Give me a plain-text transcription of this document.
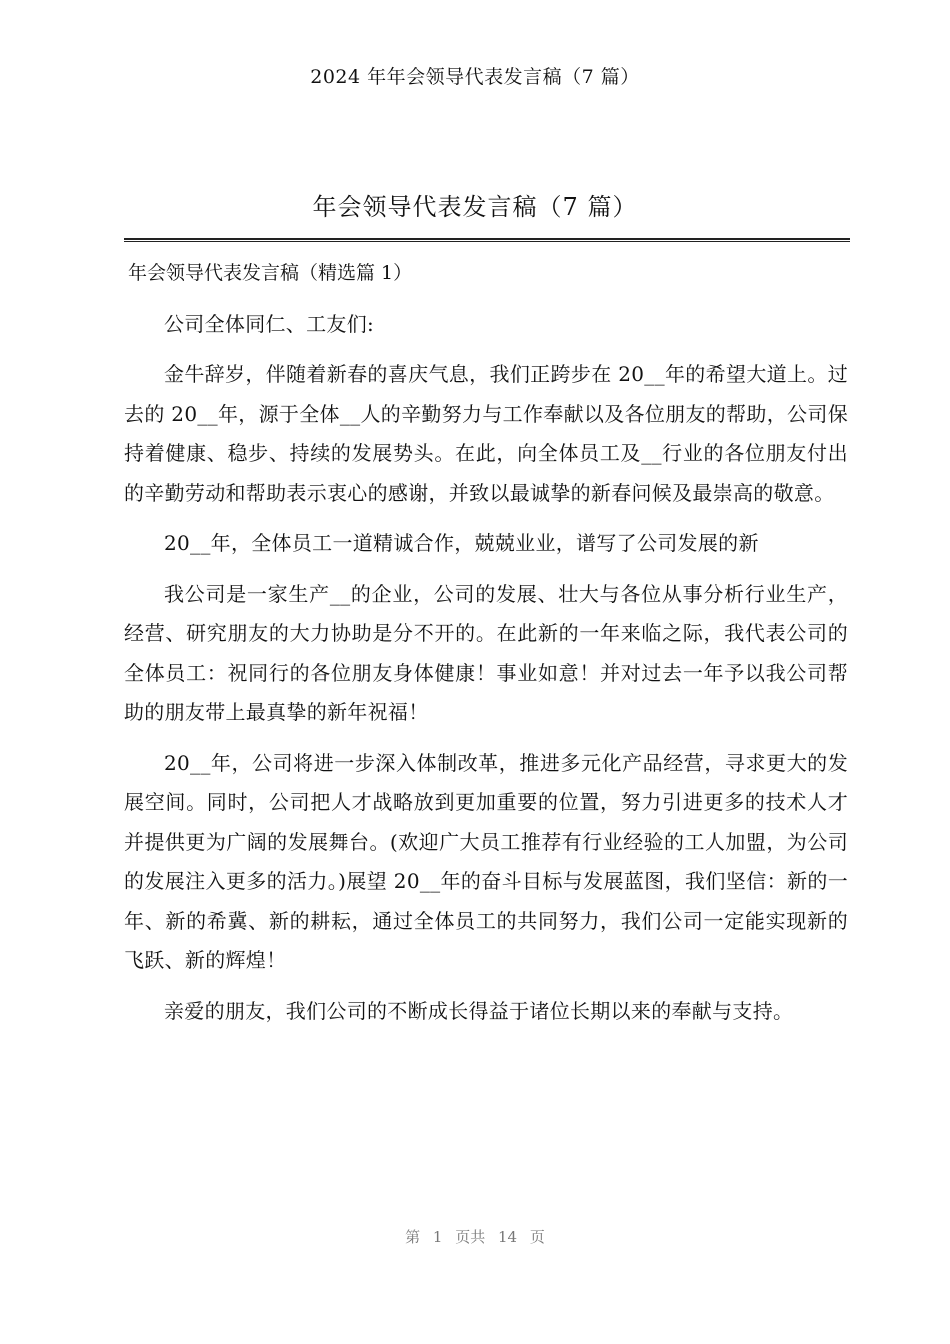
2024 年年会领导代表发言稿（7 篇）
年会领导代表发言稿（7 篇）
年会领导代表发言稿（精选篇 1）

公司全体同仁、工友们:

金牛辞岁，伴随着新春的喜庆气息，我们正跨步在 20__年的希望大道上。过去的 20__年，源于全体__人的辛勤努力与工作奉献以及各位朋友的帮助，公司保持着健康、稳步、持续的发展势头。在此，向全体员工及__行业的各位朋友付出的辛勤劳动和帮助表示衷心的感谢，并致以最诚挚的新春问候及最崇高的敬意。

20__年，全体员工一道精诚合作，兢兢业业，谱写了公司发展的新

我公司是一家生产__的企业，公司的发展、壮大与各位从事分析行业生产，经营、研究朋友的大力协助是分不开的。在此新的一年来临之际，我代表公司的全体员工：祝同行的各位朋友身体健康！事业如意！并对过去一年予以我公司帮助的朋友带上最真挚的新年祝福！

20__年，公司将进一步深入体制改革，推进多元化产品经营，寻求更大的发展空间。同时，公司把人才战略放到更加重要的位置，努力引进更多的技术人才并提供更为广阔的发展舞台。(欢迎广大员工推荐有行业经验的工人加盟，为公司的发展注入更多的活力。)展望 20__年的奋斗目标与发展蓝图，我们坚信：新的一年、新的希冀、新的耕耘，通过全体员工的共同努力，我们公司一定能实现新的飞跃、新的辉煌！

亲爱的朋友，我们公司的不断成长得益于诸位长期以来的奉献与支持。

第 1 页共 14 页
